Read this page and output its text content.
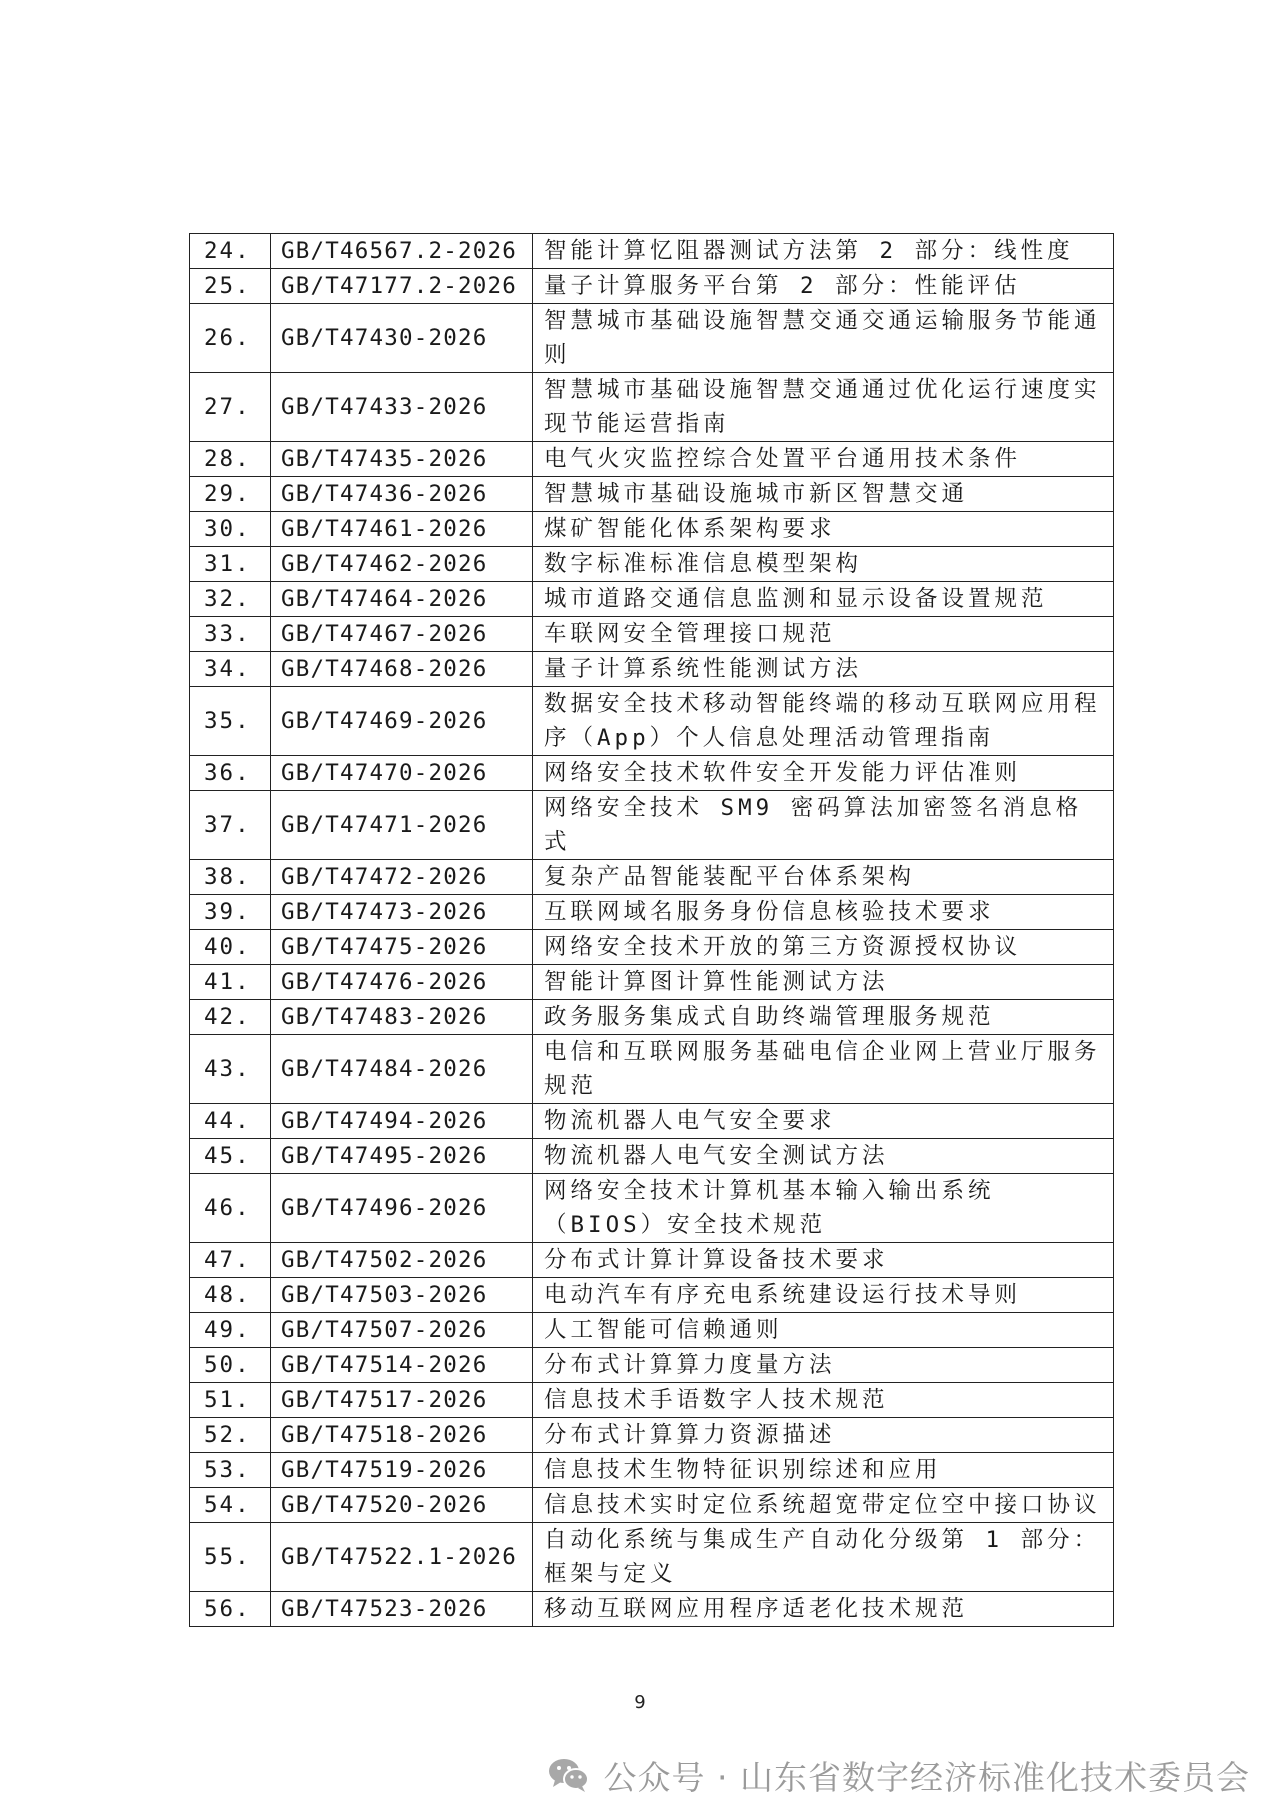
24.	GB/T46567.2-2026	智能计算忆阻器测试方法第 2 部分：线性度
25.	GB/T47177.2-2026	量子计算服务平台第 2 部分：性能评估
26.	GB/T47430-2026	智慧城市基础设施智慧交通交通运输服务节能通则
27.	GB/T47433-2026	智慧城市基础设施智慧交通通过优化运行速度实现节能运营指南
28.	GB/T47435-2026	电气火灾监控综合处置平台通用技术条件
29.	GB/T47436-2026	智慧城市基础设施城市新区智慧交通
30.	GB/T47461-2026	煤矿智能化体系架构要求
31.	GB/T47462-2026	数字标准标准信息模型架构
32.	GB/T47464-2026	城市道路交通信息监测和显示设备设置规范
33.	GB/T47467-2026	车联网安全管理接口规范
34.	GB/T47468-2026	量子计算系统性能测试方法
35.	GB/T47469-2026	数据安全技术移动智能终端的移动互联网应用程序（App）个人信息处理活动管理指南
36.	GB/T47470-2026	网络安全技术软件安全开发能力评估准则
37.	GB/T47471-2026	网络安全技术 SM9 密码算法加密签名消息格式
38.	GB/T47472-2026	复杂产品智能装配平台体系架构
39.	GB/T47473-2026	互联网域名服务身份信息核验技术要求
40.	GB/T47475-2026	网络安全技术开放的第三方资源授权协议
41.	GB/T47476-2026	智能计算图计算性能测试方法
42.	GB/T47483-2026	政务服务集成式自助终端管理服务规范
43.	GB/T47484-2026	电信和互联网服务基础电信企业网上营业厅服务规范
44.	GB/T47494-2026	物流机器人电气安全要求
45.	GB/T47495-2026	物流机器人电气安全测试方法
46.	GB/T47496-2026	网络安全技术计算机基本输入输出系统（BIOS）安全技术规范
47.	GB/T47502-2026	分布式计算计算设备技术要求
48.	GB/T47503-2026	电动汽车有序充电系统建设运行技术导则
49.	GB/T47507-2026	人工智能可信赖通则
50.	GB/T47514-2026	分布式计算算力度量方法
51.	GB/T47517-2026	信息技术手语数字人技术规范
52.	GB/T47518-2026	分布式计算算力资源描述
53.	GB/T47519-2026	信息技术生物特征识别综述和应用
54.	GB/T47520-2026	信息技术实时定位系统超宽带定位空中接口协议
55.	GB/T47522.1-2026	自动化系统与集成生产自动化分级第 1 部分：框架与定义
56.	GB/T47523-2026	移动互联网应用程序适老化技术规范
9
公众号 · 山东省数字经济标准化技术委员会
